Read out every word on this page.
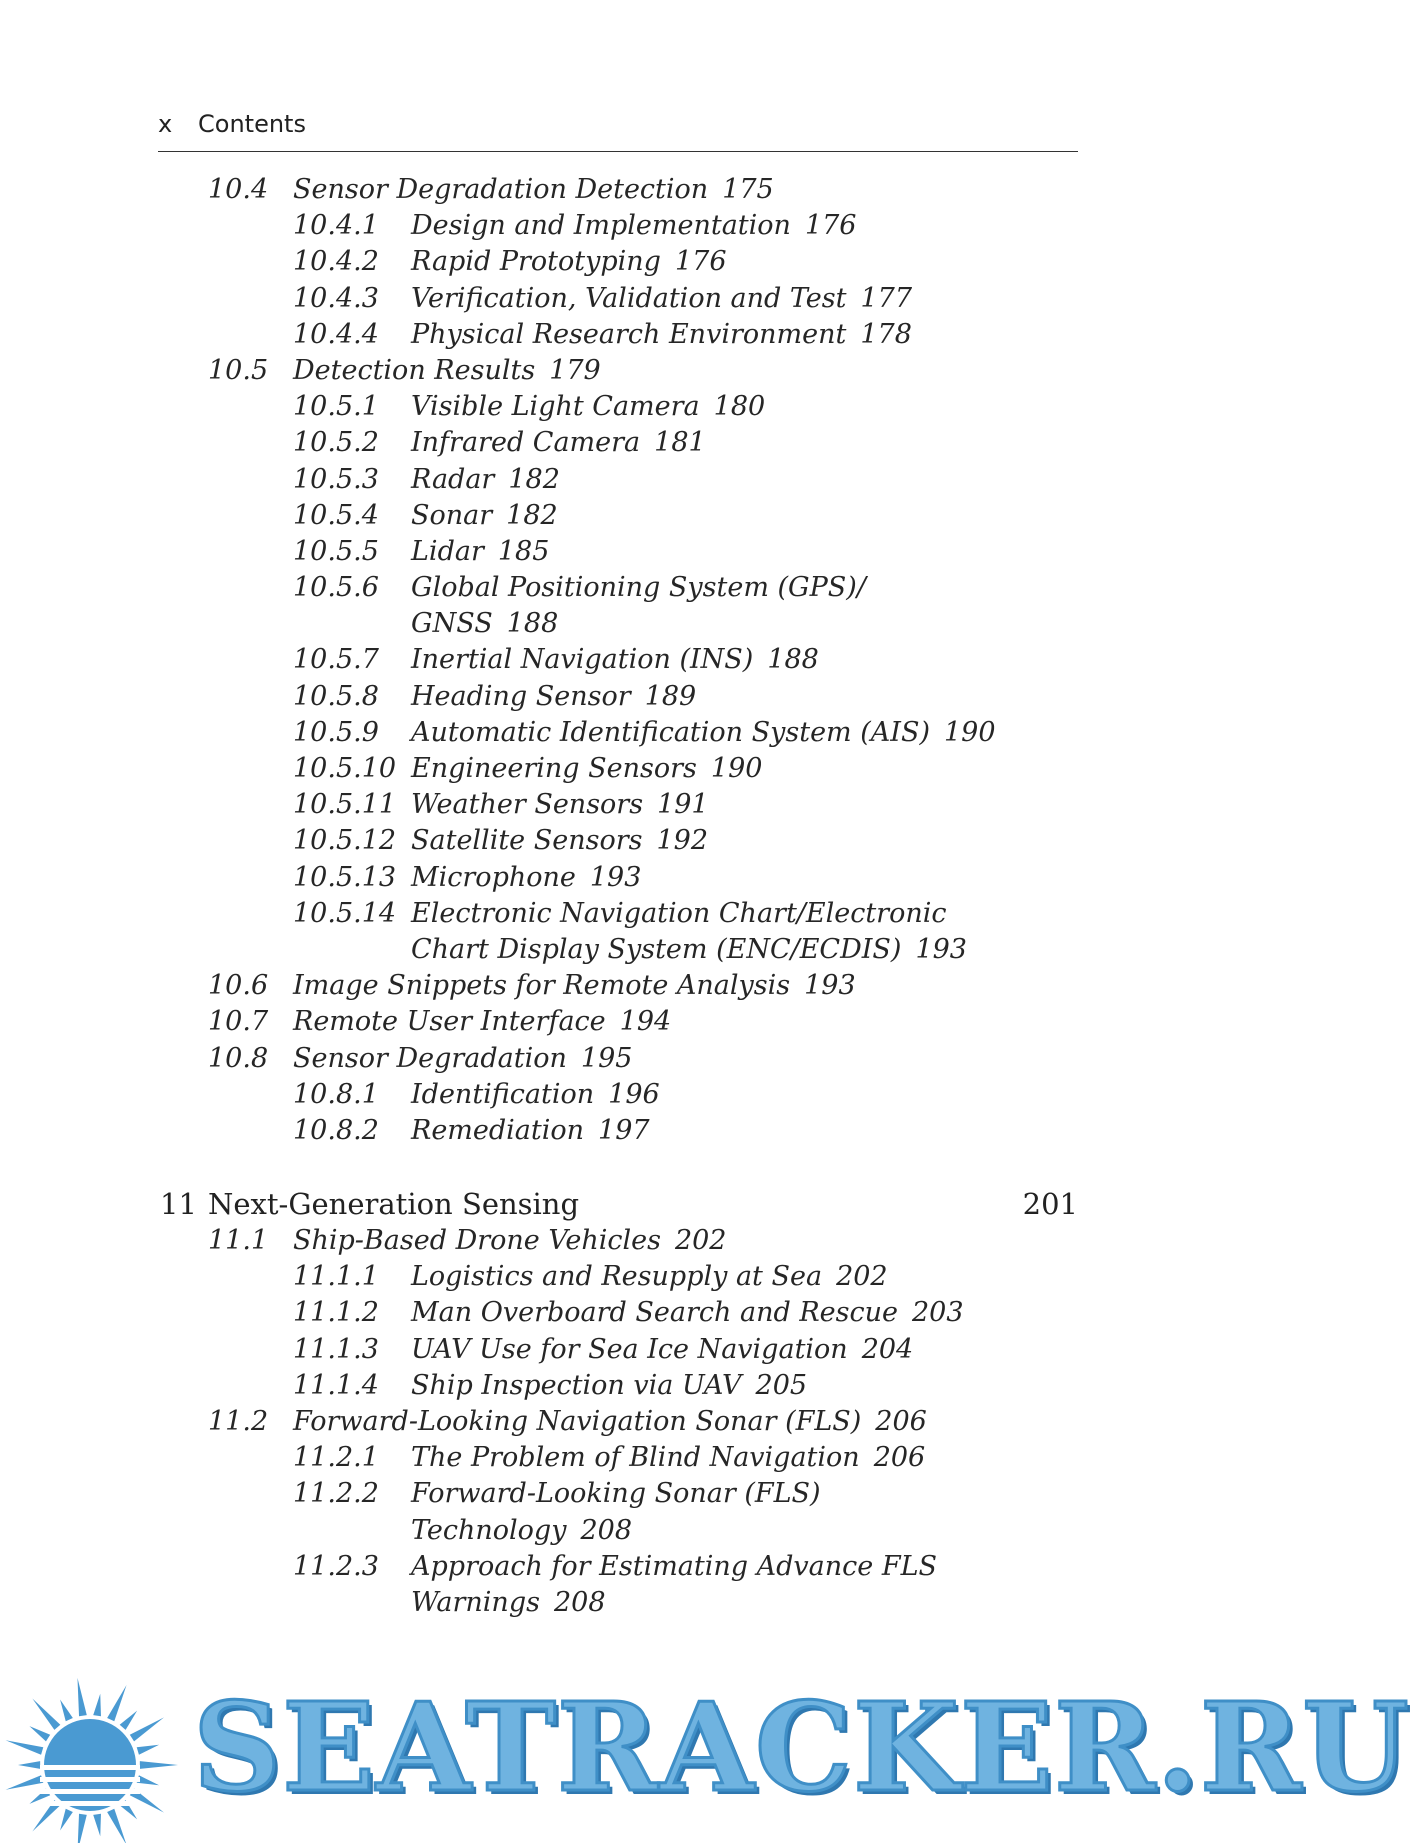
x Contents
10.4 Sensor Degradation Detection 175
10.4.1 Design and Implementation 176
10.4.2 Rapid Prototyping 176
10.4.3 Verification, Validation and Test 177
10.4.4 Physical Research Environment 178
10.5 Detection Results 179
10.5.1 Visible Light Camera 180
10.5.2 Infrared Camera 181
10.5.3 Radar 182
10.5.4 Sonar 182
10.5.5 Lidar 185
10.5.6 Global Positioning System (GPS)/
GNSS 188
10.5.7 Inertial Navigation (INS) 188
10.5.8 Heading Sensor 189
10.5.9 Automatic Identification System (AIS) 190
10.5.10 Engineering Sensors 190
10.5.11 Weather Sensors 191
10.5.12 Satellite Sensors 192
10.5.13 Microphone 193
10.5.14 Electronic Navigation Chart/Electronic
Chart Display System (ENC/ECDIS) 193
10.6 Image Snippets for Remote Analysis 193
10.7 Remote User Interface 194
10.8 Sensor Degradation 195
10.8.1 Identification 196
10.8.2 Remediation 197
11 Next-Generation Sensing	201
11.1 Ship-Based Drone Vehicles 202
11.1.1 Logistics and Resupply at Sea 202
11.1.2 Man Overboard Search and Rescue 203
11.1.3 UAV Use for Sea Ice Navigation 204
11.1.4 Ship Inspection via UAV 205
11.2 Forward-Looking Navigation Sonar (FLS) 206
11.2.1 The Problem of Blind Navigation 206
11.2.2 Forward-Looking Sonar (FLS)
Technology 208
11.2.3 Approach for Estimating Advance FLS
Warnings 208
SEATRACKER.RU
